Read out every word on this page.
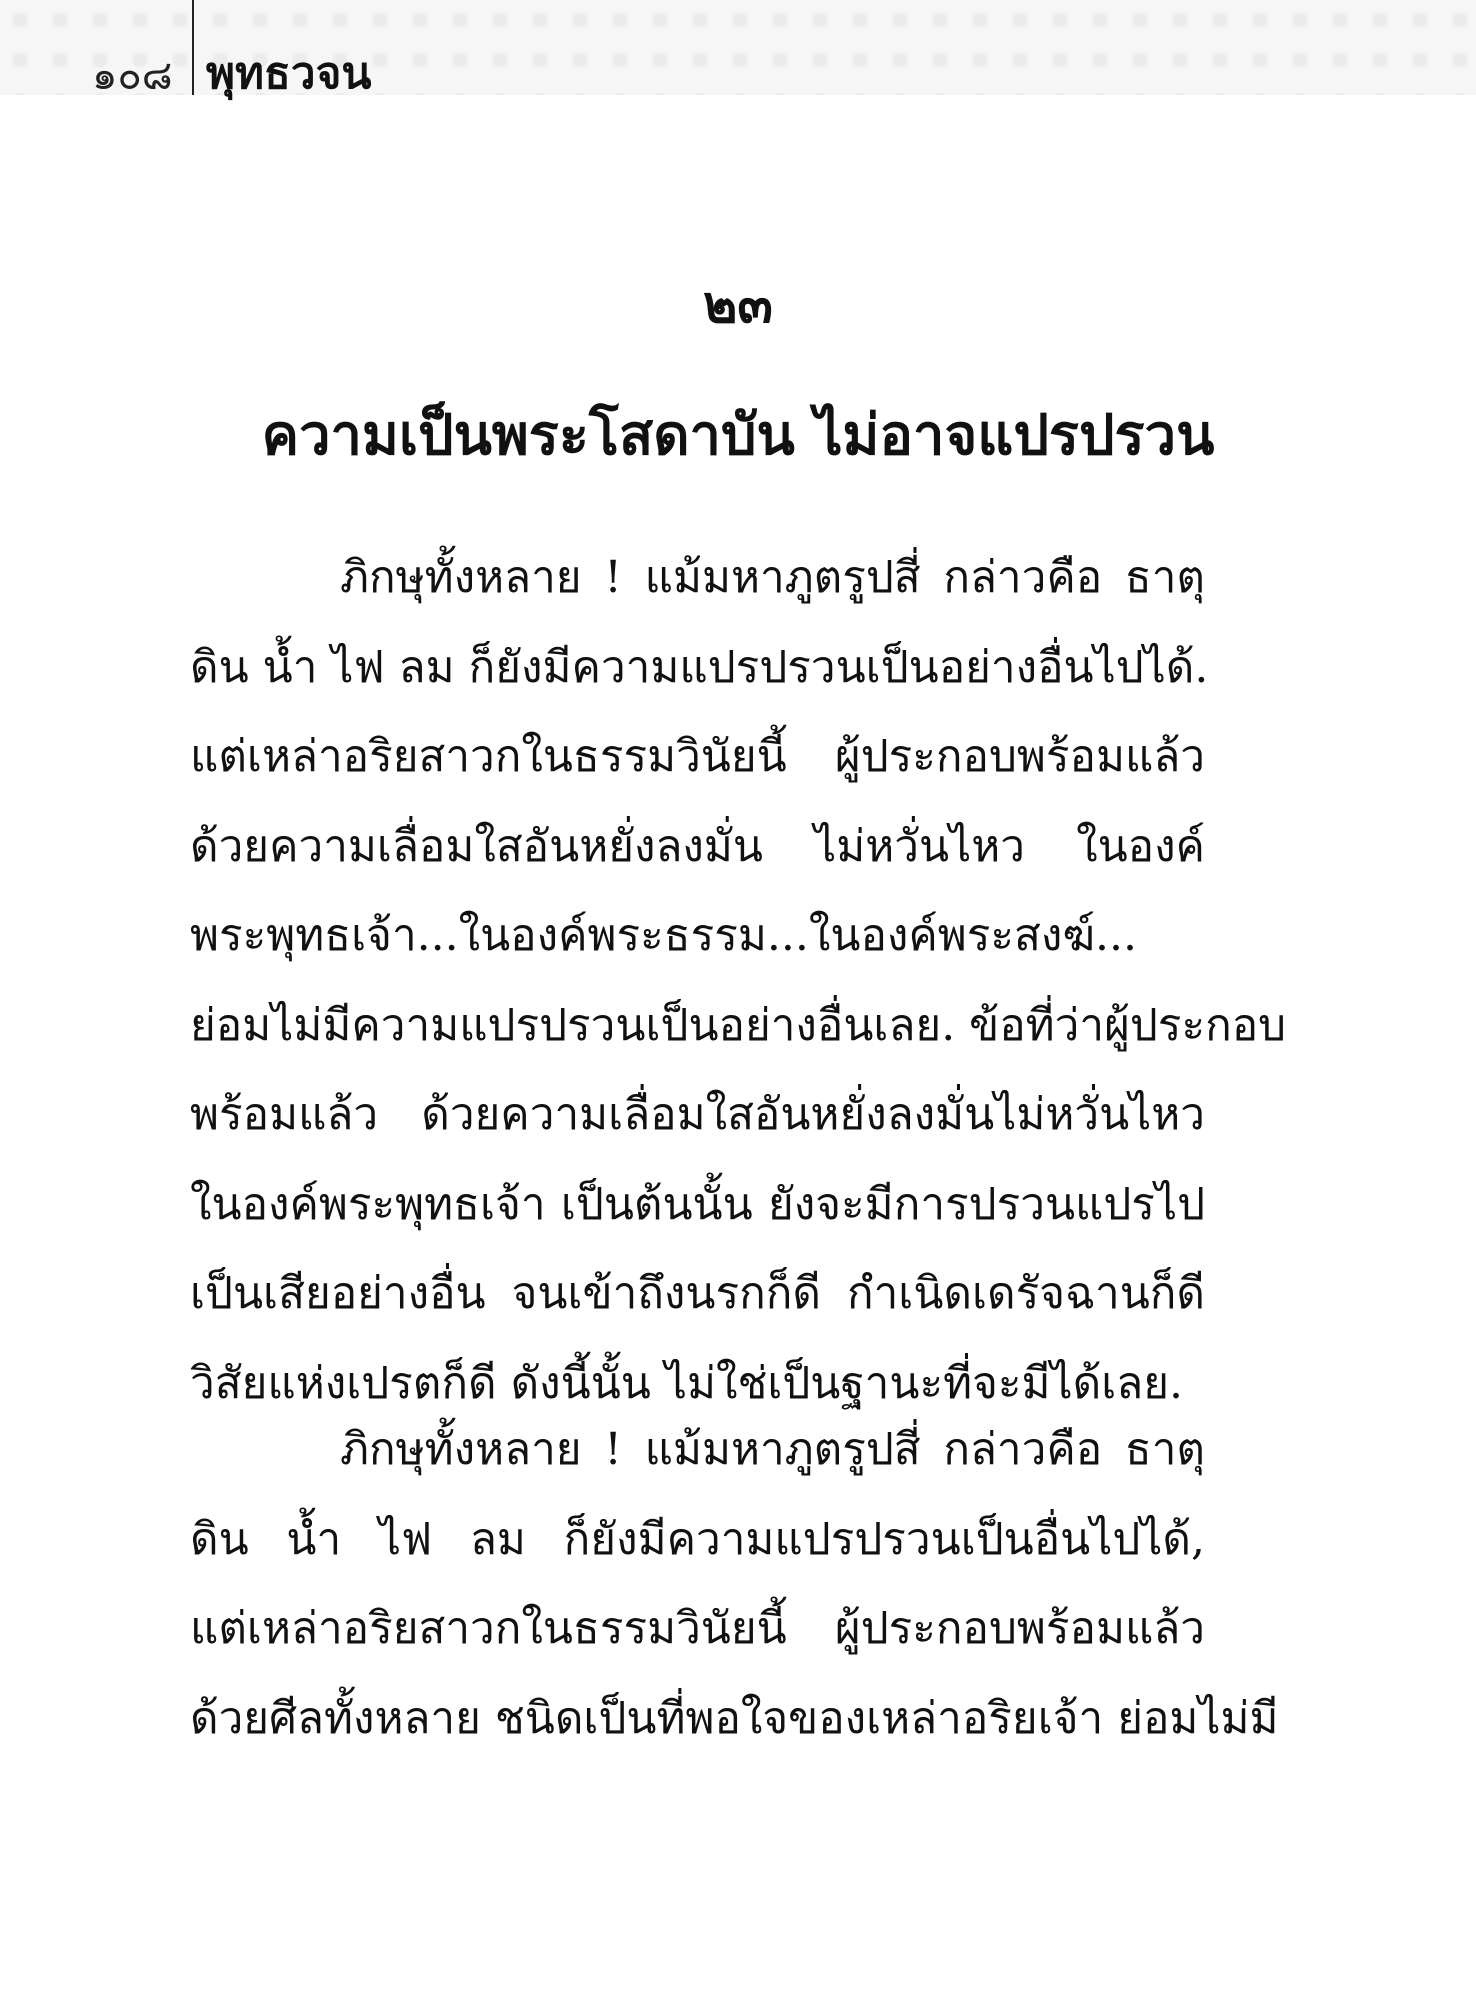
๑๐๘ พุทธวจน
๒๓
ความเป็นพระโสดาบัน ไม่อาจแปรปรวน
ภิกษุทั้งหลาย ! แม้มหาภูตรูปสี่ กล่าวคือ ธาตุ
ดิน น้ำ ไฟ ลม ก็ยังมีความแปรปรวนเป็นอย่างอื่นไปได้.
แต่เหล่าอริยสาวกในธรรมวินัยนี้ ผู้ประกอบพร้อมแล้ว
ด้วยความเลื่อมใสอันหยั่งลงมั่น ไม่หวั่นไหว ในองค์
พระพุทธเจ้า...ในองค์พระธรรม...ในองค์พระสงฆ์...
ย่อมไม่มีความแปรปรวนเป็นอย่างอื่นเลย. ข้อที่ว่าผู้ประกอบ
พร้อมแล้ว ด้วยความเลื่อมใสอันหยั่งลงมั่นไม่หวั่นไหว
ในองค์พระพุทธเจ้า เป็นต้นนั้น ยังจะมีการปรวนแปรไป
เป็นเสียอย่างอื่น จนเข้าถึงนรกก็ดี กำเนิดเดรัจฉานก็ดี
วิสัยแห่งเปรตก็ดี ดังนี้นั้น ไม่ใช่เป็นฐานะที่จะมีได้เลย.
ภิกษุทั้งหลาย ! แม้มหาภูตรูปสี่ กล่าวคือ ธาตุ
ดิน น้ำ ไฟ ลม ก็ยังมีความแปรปรวนเป็นอื่นไปได้,
แต่เหล่าอริยสาวกในธรรมวินัยนี้ ผู้ประกอบพร้อมแล้ว
ด้วยศีลทั้งหลาย ชนิดเป็นที่พอใจของเหล่าอริยเจ้า ย่อมไม่มี
